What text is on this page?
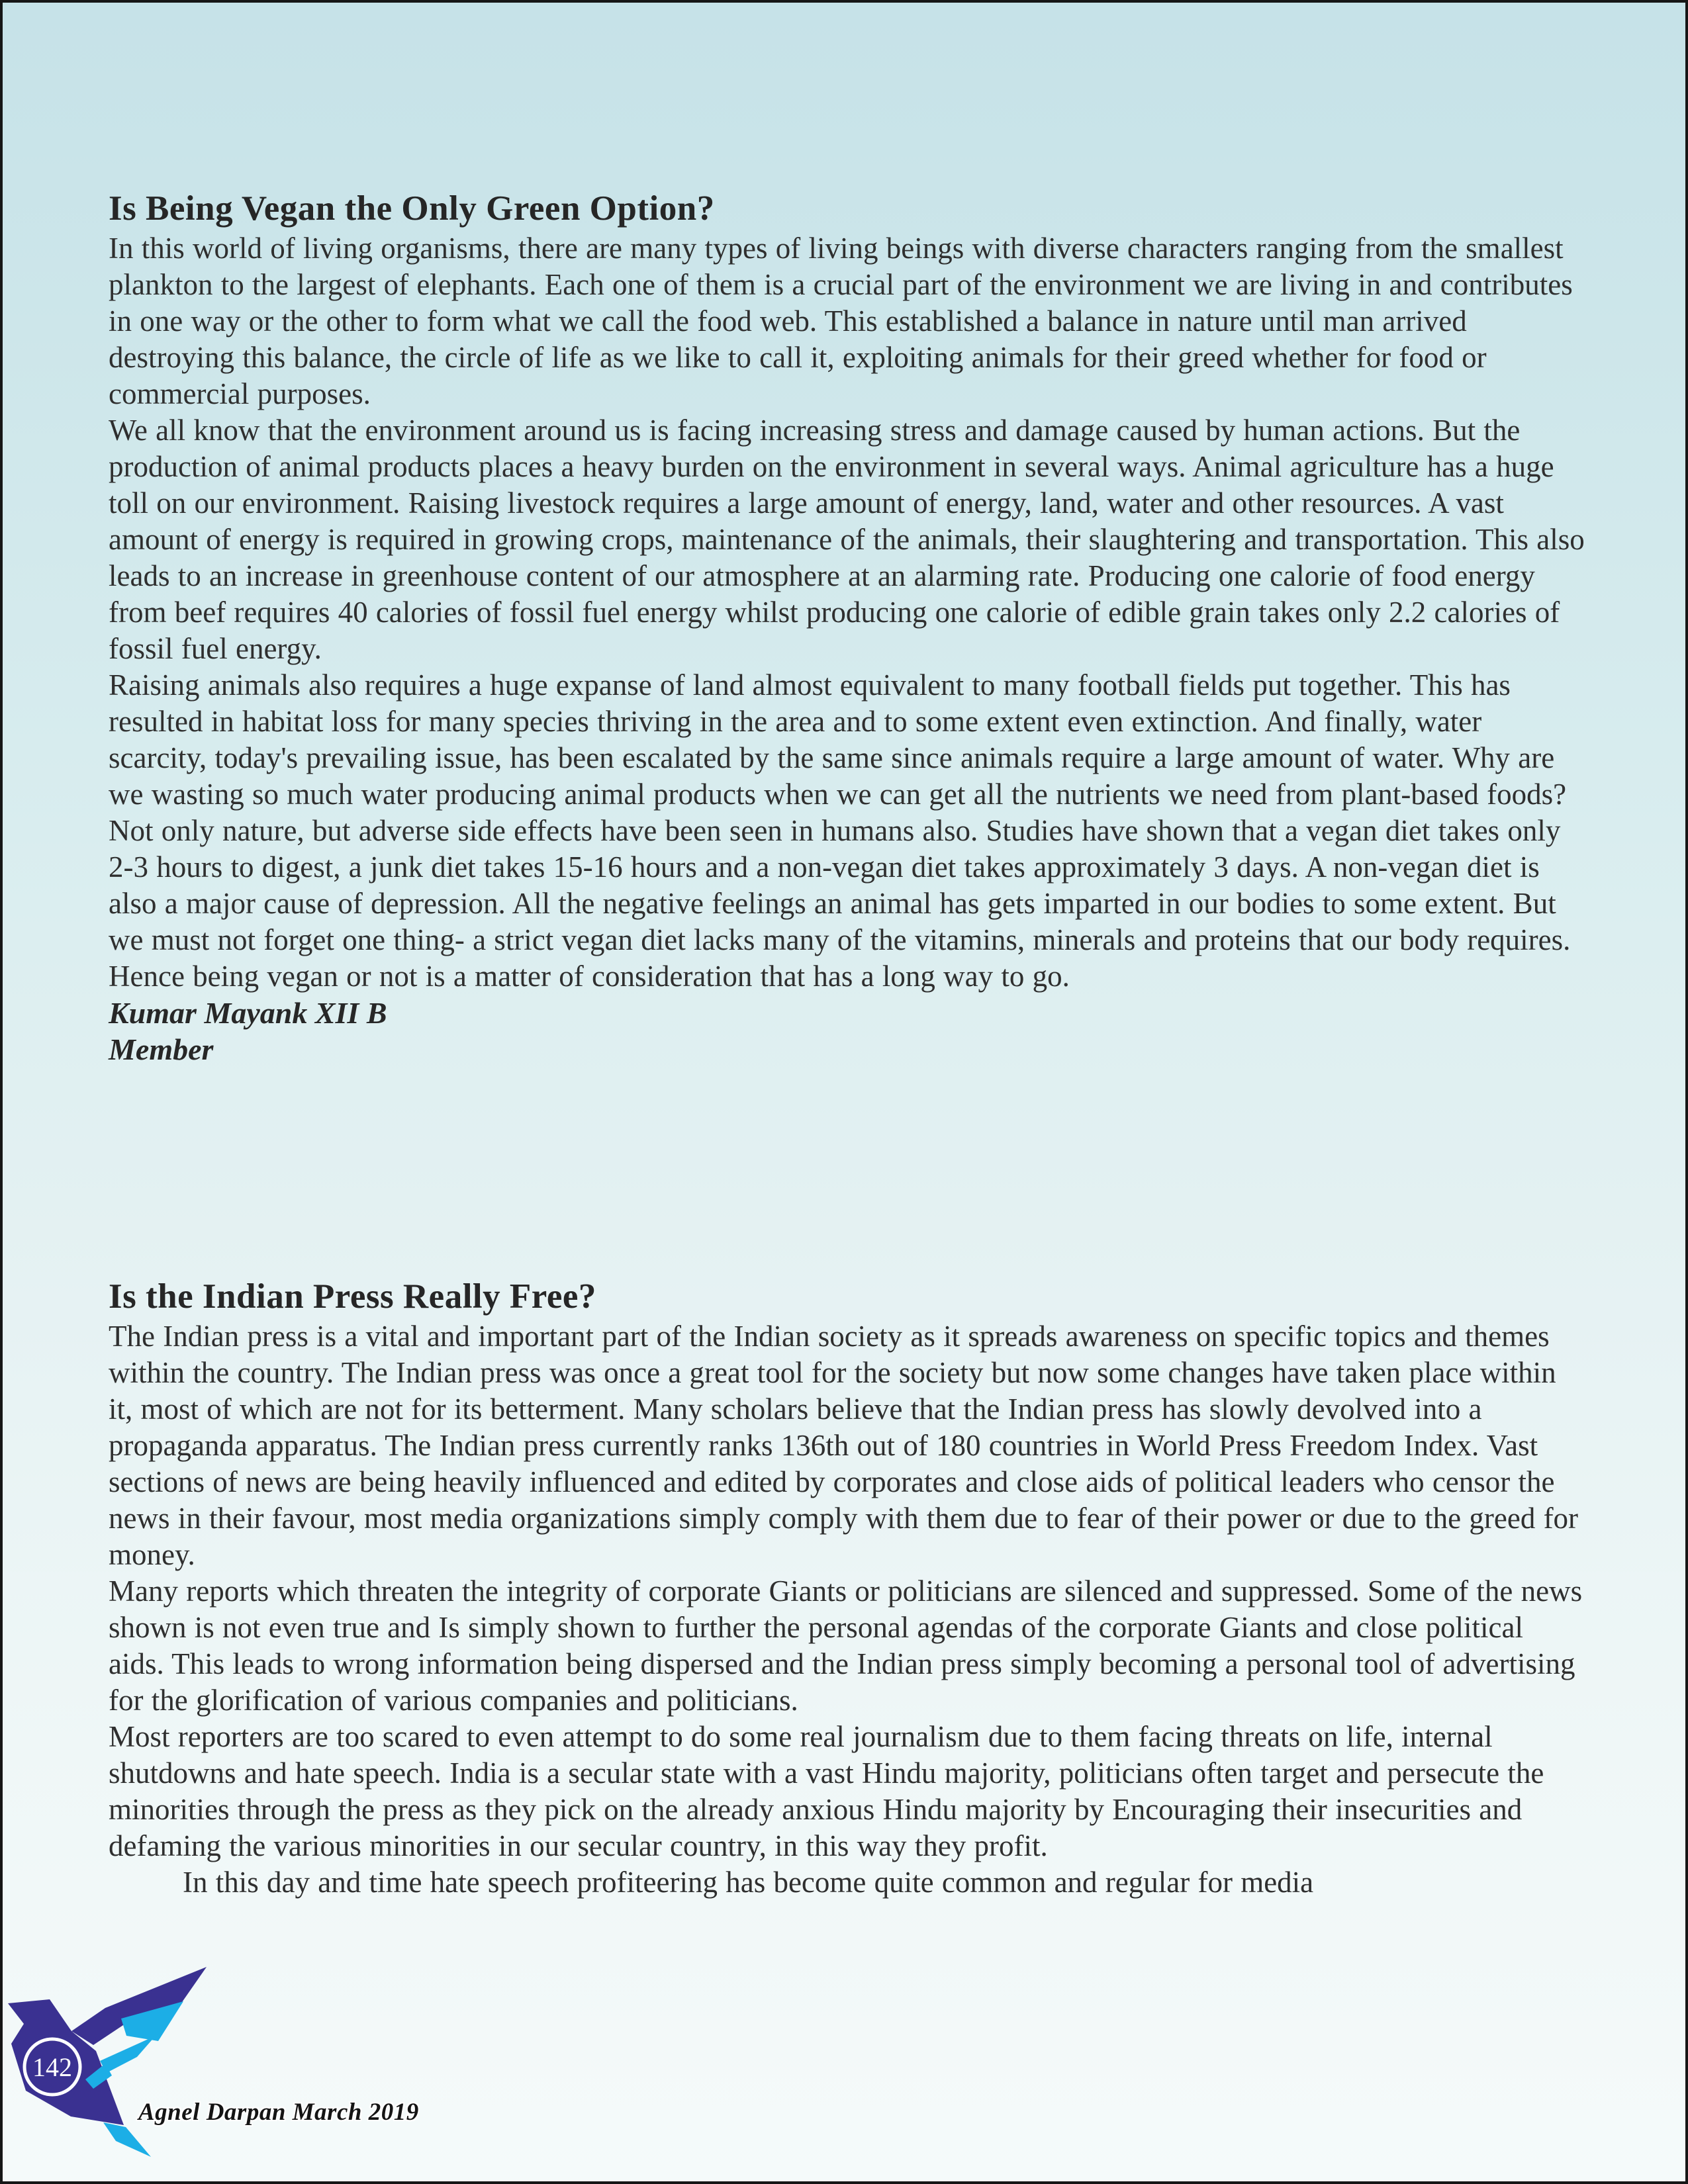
Is Being Vegan the Only Green Option?

In this world of living organisms, there are many types of living beings with diverse characters ranging from the smallest plankton to the largest of elephants. Each one of them is a crucial part of the environment we are living in and contributes in one way or the other to form what we call the food web. This established a balance in nature until man arrived destroying this balance, the circle of life as we like to call it, exploiting animals for their greed whether for food or commercial purposes.

We all know that the environment around us is facing increasing stress and damage caused by human actions. But the production of animal products places a heavy burden on the environment in several ways. Animal agriculture has a huge toll on our environment. Raising livestock requires a large amount of energy, land, water and other resources. A vast amount of energy is required in growing crops, maintenance of the animals, their slaughtering and transportation. This also leads to an increase in greenhouse content of our atmosphere at an alarming rate. Producing one calorie of food energy from beef requires 40 calories of fossil fuel energy whilst producing one calorie of edible grain takes only 2.2 calories of fossil fuel energy.

Raising animals also requires a huge expanse of land almost equivalent to many football fields put together. This has resulted in habitat loss for many species thriving in the area and to some extent even extinction. And finally, water scarcity, today's prevailing issue, has been escalated by the same since animals require a large amount of water. Why are we wasting so much water producing animal products when we can get all the nutrients we need from plant-based foods?

Not only nature, but adverse side effects have been seen in humans also. Studies have shown that a vegan diet takes only 2-3 hours to digest, a junk diet takes 15-16 hours and a non-vegan diet takes approximately 3 days. A non-vegan diet is also a major cause of depression. All the negative feelings an animal has gets imparted in our bodies to some extent. But we must not forget one thing- a strict vegan diet lacks many of the vitamins, minerals and proteins that our body requires. Hence being vegan or not is a matter of consideration that has a long way to go.

Kumar Mayank XII B

Member

Is the Indian Press Really Free?

The Indian press is a vital and important part of the Indian society as it spreads awareness on specific topics and themes within the country. The Indian press was once a great tool for the society but now some changes have taken place within it, most of which are not for its betterment. Many scholars believe that the Indian press has slowly devolved into a propaganda apparatus. The Indian press currently ranks 136th out of 180 countries in World Press Freedom Index. Vast sections of news are being heavily influenced and edited by corporates and close aids of political leaders who censor the news in their favour, most media organizations simply comply with them due to fear of their power or due to the greed for money.

Many reports which threaten the integrity of corporate Giants or politicians are silenced and suppressed. Some of the news shown is not even true and Is simply shown to further the personal agendas of the corporate Giants and close political aids. This leads to wrong information being dispersed and the Indian press simply becoming a personal tool of advertising for the glorification of various companies and politicians.

Most reporters are too scared to even attempt to do some real journalism due to them facing threats on life, internal shutdowns and hate speech. India is a secular state with a vast Hindu majority, politicians often target and persecute the minorities through the press as they pick on the already anxious Hindu majority by Encouraging their insecurities and defaming the various minorities in our secular country, in this way they profit.

In this day and time hate speech profiteering has become quite common and regular for media

142
Agnel Darpan March 2019
